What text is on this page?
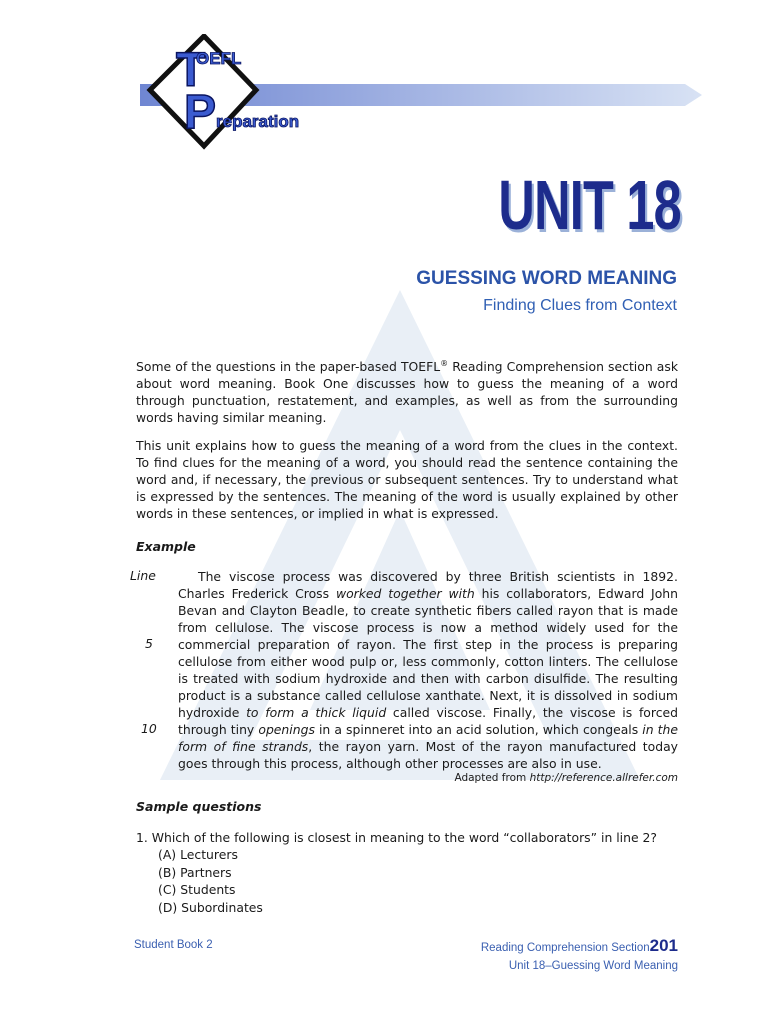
T
OEFL
P reparation
UNIT 18
GUESSING WORD MEANING
Finding Clues from Context
Some of the questions in the paper-based TOEFL® Reading Comprehension section ask about word meaning. Book One discusses how to guess the meaning of a word through punctuation, restatement, and examples, as well as from the surrounding words having similar meaning.
This unit explains how to guess the meaning of a word from the clues in the context. To find clues for the meaning of a word, you should read the sentence containing the word and, if necessary, the previous or subsequent sentences. Try to understand what is expressed by the sentences. The meaning of the word is usually explained by other words in these sentences, or implied in what is expressed.
Example
Line
5
10
The viscose process was discovered by three British scientists in 1892. Charles Frederick Cross worked together with his collaborators, Edward John Bevan and Clayton Beadle, to create synthetic fibers called rayon that is made from cellulose. The viscose process is now a method widely used for the commercial preparation of rayon. The first step in the process is preparing cellulose from either wood pulp or, less commonly, cotton linters. The cellulose is treated with sodium hydroxide and then with carbon disulfide. The resulting product is a substance called cellulose xanthate. Next, it is dissolved in sodium hydroxide to form a thick liquid called viscose. Finally, the viscose is forced through tiny openings in a spinneret into an acid solution, which congeals in the form of fine strands, the rayon yarn. Most of the rayon manufactured today goes through this process, although other processes are also in use.
Adapted from http://reference.allrefer.com
Sample questions
1. Which of the following is closest in meaning to the word “collaborators” in line 2?
(A) Lecturers
(B) Partners
(C) Students
(D) Subordinates
Student Book 2	Reading Comprehension Section201
Unit 18–Guessing Word Meaning
